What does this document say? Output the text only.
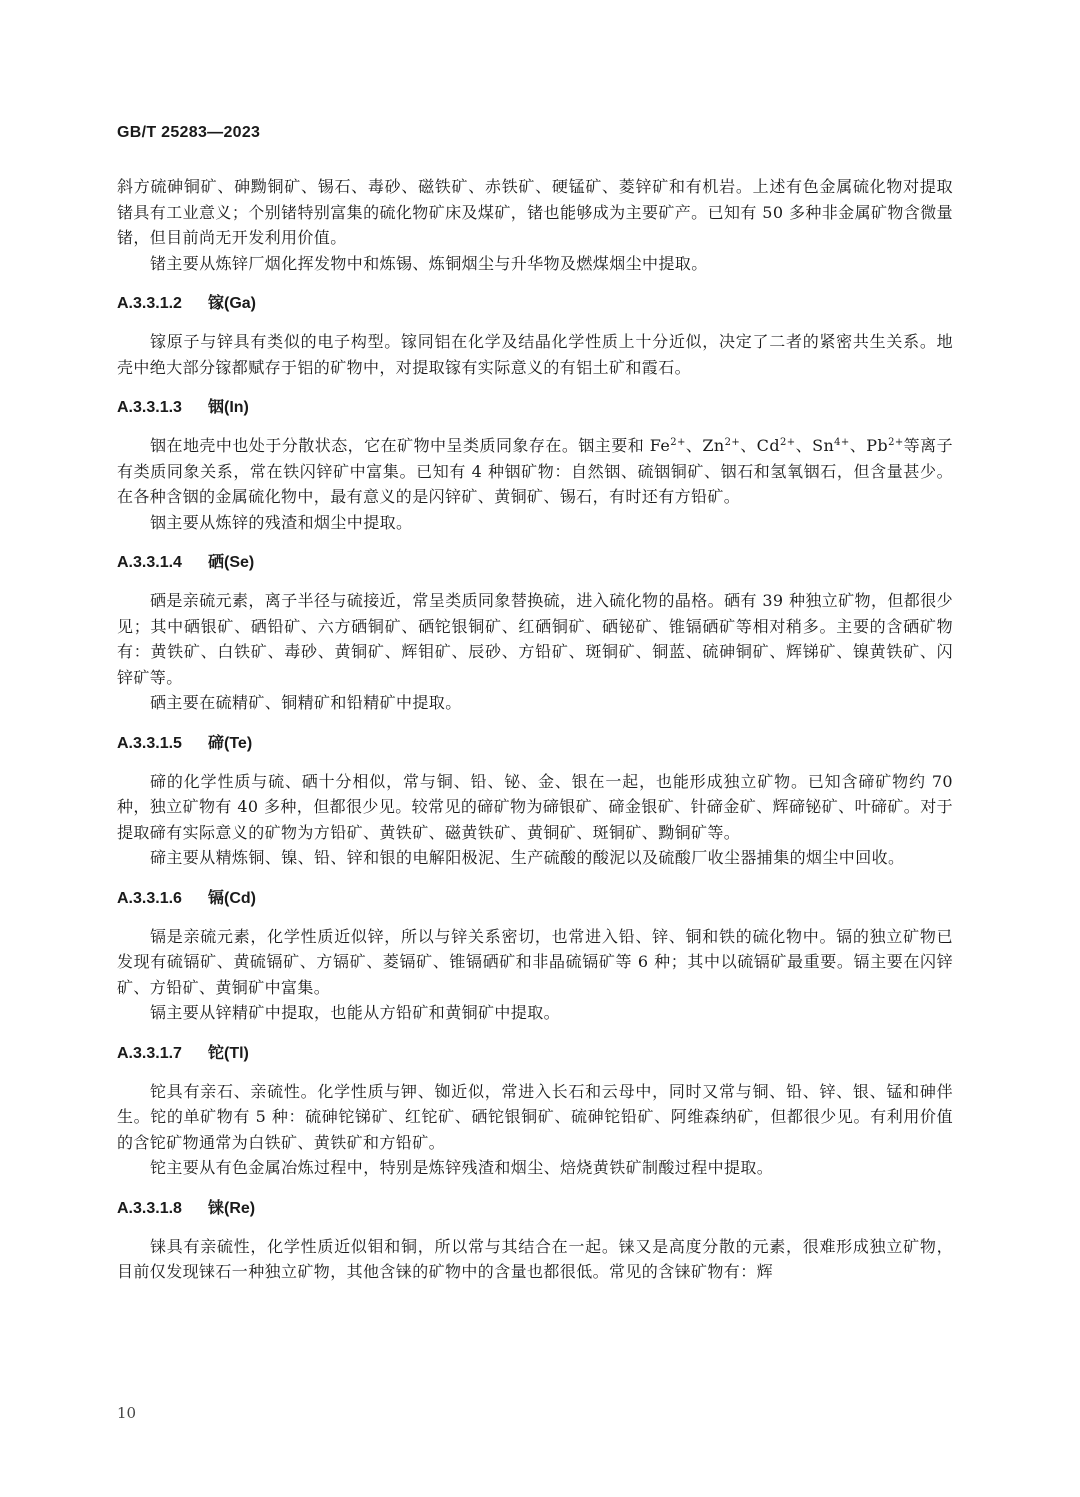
GB/T 25283—2023

斜方硫砷铜矿、砷黝铜矿、锡石、毒砂、磁铁矿、赤铁矿、硬锰矿、菱锌矿和有机岩。上述有色金属硫化物对提取锗具有工业意义；个别锗特别富集的硫化物矿床及煤矿，锗也能够成为主要矿产。已知有 50 多种非金属矿物含微量锗，但目前尚无开发利用价值。

锗主要从炼锌厂烟化挥发物中和炼锡、炼铜烟尘与升华物及燃煤烟尘中提取。

A.3.3.1.2 镓(Ga)

镓原子与锌具有类似的电子构型。镓同铝在化学及结晶化学性质上十分近似，决定了二者的紧密共生关系。地壳中绝大部分镓都赋存于铝的矿物中，对提取镓有实际意义的有铝土矿和霞石。

A.3.3.1.3 铟(In)

铟在地壳中也处于分散状态，它在矿物中呈类质同象存在。铟主要和 $Fe^{2+}$、$Zn^{2+}$、$Cd^{2+}$、$Sn^{4+}$、$Pb^{2+}$等离子有类质同象关系，常在铁闪锌矿中富集。已知有 4 种铟矿物：自然铟、硫铟铜矿、铟石和氢氧铟石，但含量甚少。在各种含铟的金属硫化物中，最有意义的是闪锌矿、黄铜矿、锡石，有时还有方铅矿。

铟主要从炼锌的残渣和烟尘中提取。

A.3.3.1.4 硒(Se)

硒是亲硫元素，离子半径与硫接近，常呈类质同象替换硫，进入硫化物的晶格。硒有 39 种独立矿物，但都很少见；其中硒银矿、硒铅矿、六方硒铜矿、硒铊银铜矿、红硒铜矿、硒铋矿、锥镉硒矿等相对稍多。主要的含硒矿物有：黄铁矿、白铁矿、毒砂、黄铜矿、辉钼矿、辰砂、方铅矿、斑铜矿、铜蓝、硫砷铜矿、辉锑矿、镍黄铁矿、闪锌矿等。

硒主要在硫精矿、铜精矿和铅精矿中提取。

A.3.3.1.5 碲(Te)

碲的化学性质与硫、硒十分相似，常与铜、铅、铋、金、银在一起，也能形成独立矿物。已知含碲矿物约 70 种，独立矿物有 40 多种，但都很少见。较常见的碲矿物为碲银矿、碲金银矿、针碲金矿、辉碲铋矿、叶碲矿。对于提取碲有实际意义的矿物为方铅矿、黄铁矿、磁黄铁矿、黄铜矿、斑铜矿、黝铜矿等。

碲主要从精炼铜、镍、铅、锌和银的电解阳极泥、生产硫酸的酸泥以及硫酸厂收尘器捕集的烟尘中回收。

A.3.3.1.6 镉(Cd)

镉是亲硫元素，化学性质近似锌，所以与锌关系密切，也常进入铅、锌、铜和铁的硫化物中。镉的独立矿物已发现有硫镉矿、黄硫镉矿、方镉矿、菱镉矿、锥镉硒矿和非晶硫镉矿等 6 种；其中以硫镉矿最重要。镉主要在闪锌矿、方铅矿、黄铜矿中富集。

镉主要从锌精矿中提取，也能从方铅矿和黄铜矿中提取。

A.3.3.1.7 铊(Tl)

铊具有亲石、亲硫性。化学性质与钾、铷近似，常进入长石和云母中，同时又常与铜、铅、锌、银、锰和砷伴生。铊的单矿物有 5 种：硫砷铊锑矿、红铊矿、硒铊银铜矿、硫砷铊铅矿、阿维森纳矿，但都很少见。有利用价值的含铊矿物通常为白铁矿、黄铁矿和方铅矿。

铊主要从有色金属冶炼过程中，特别是炼锌残渣和烟尘、焙烧黄铁矿制酸过程中提取。

A.3.3.1.8 铼(Re)

铼具有亲硫性，化学性质近似钼和铜，所以常与其结合在一起。铼又是高度分散的元素，很难形成独立矿物，目前仅发现铼石一种独立矿物，其他含铼的矿物中的含量也都很低。常见的含铼矿物有：辉

10
